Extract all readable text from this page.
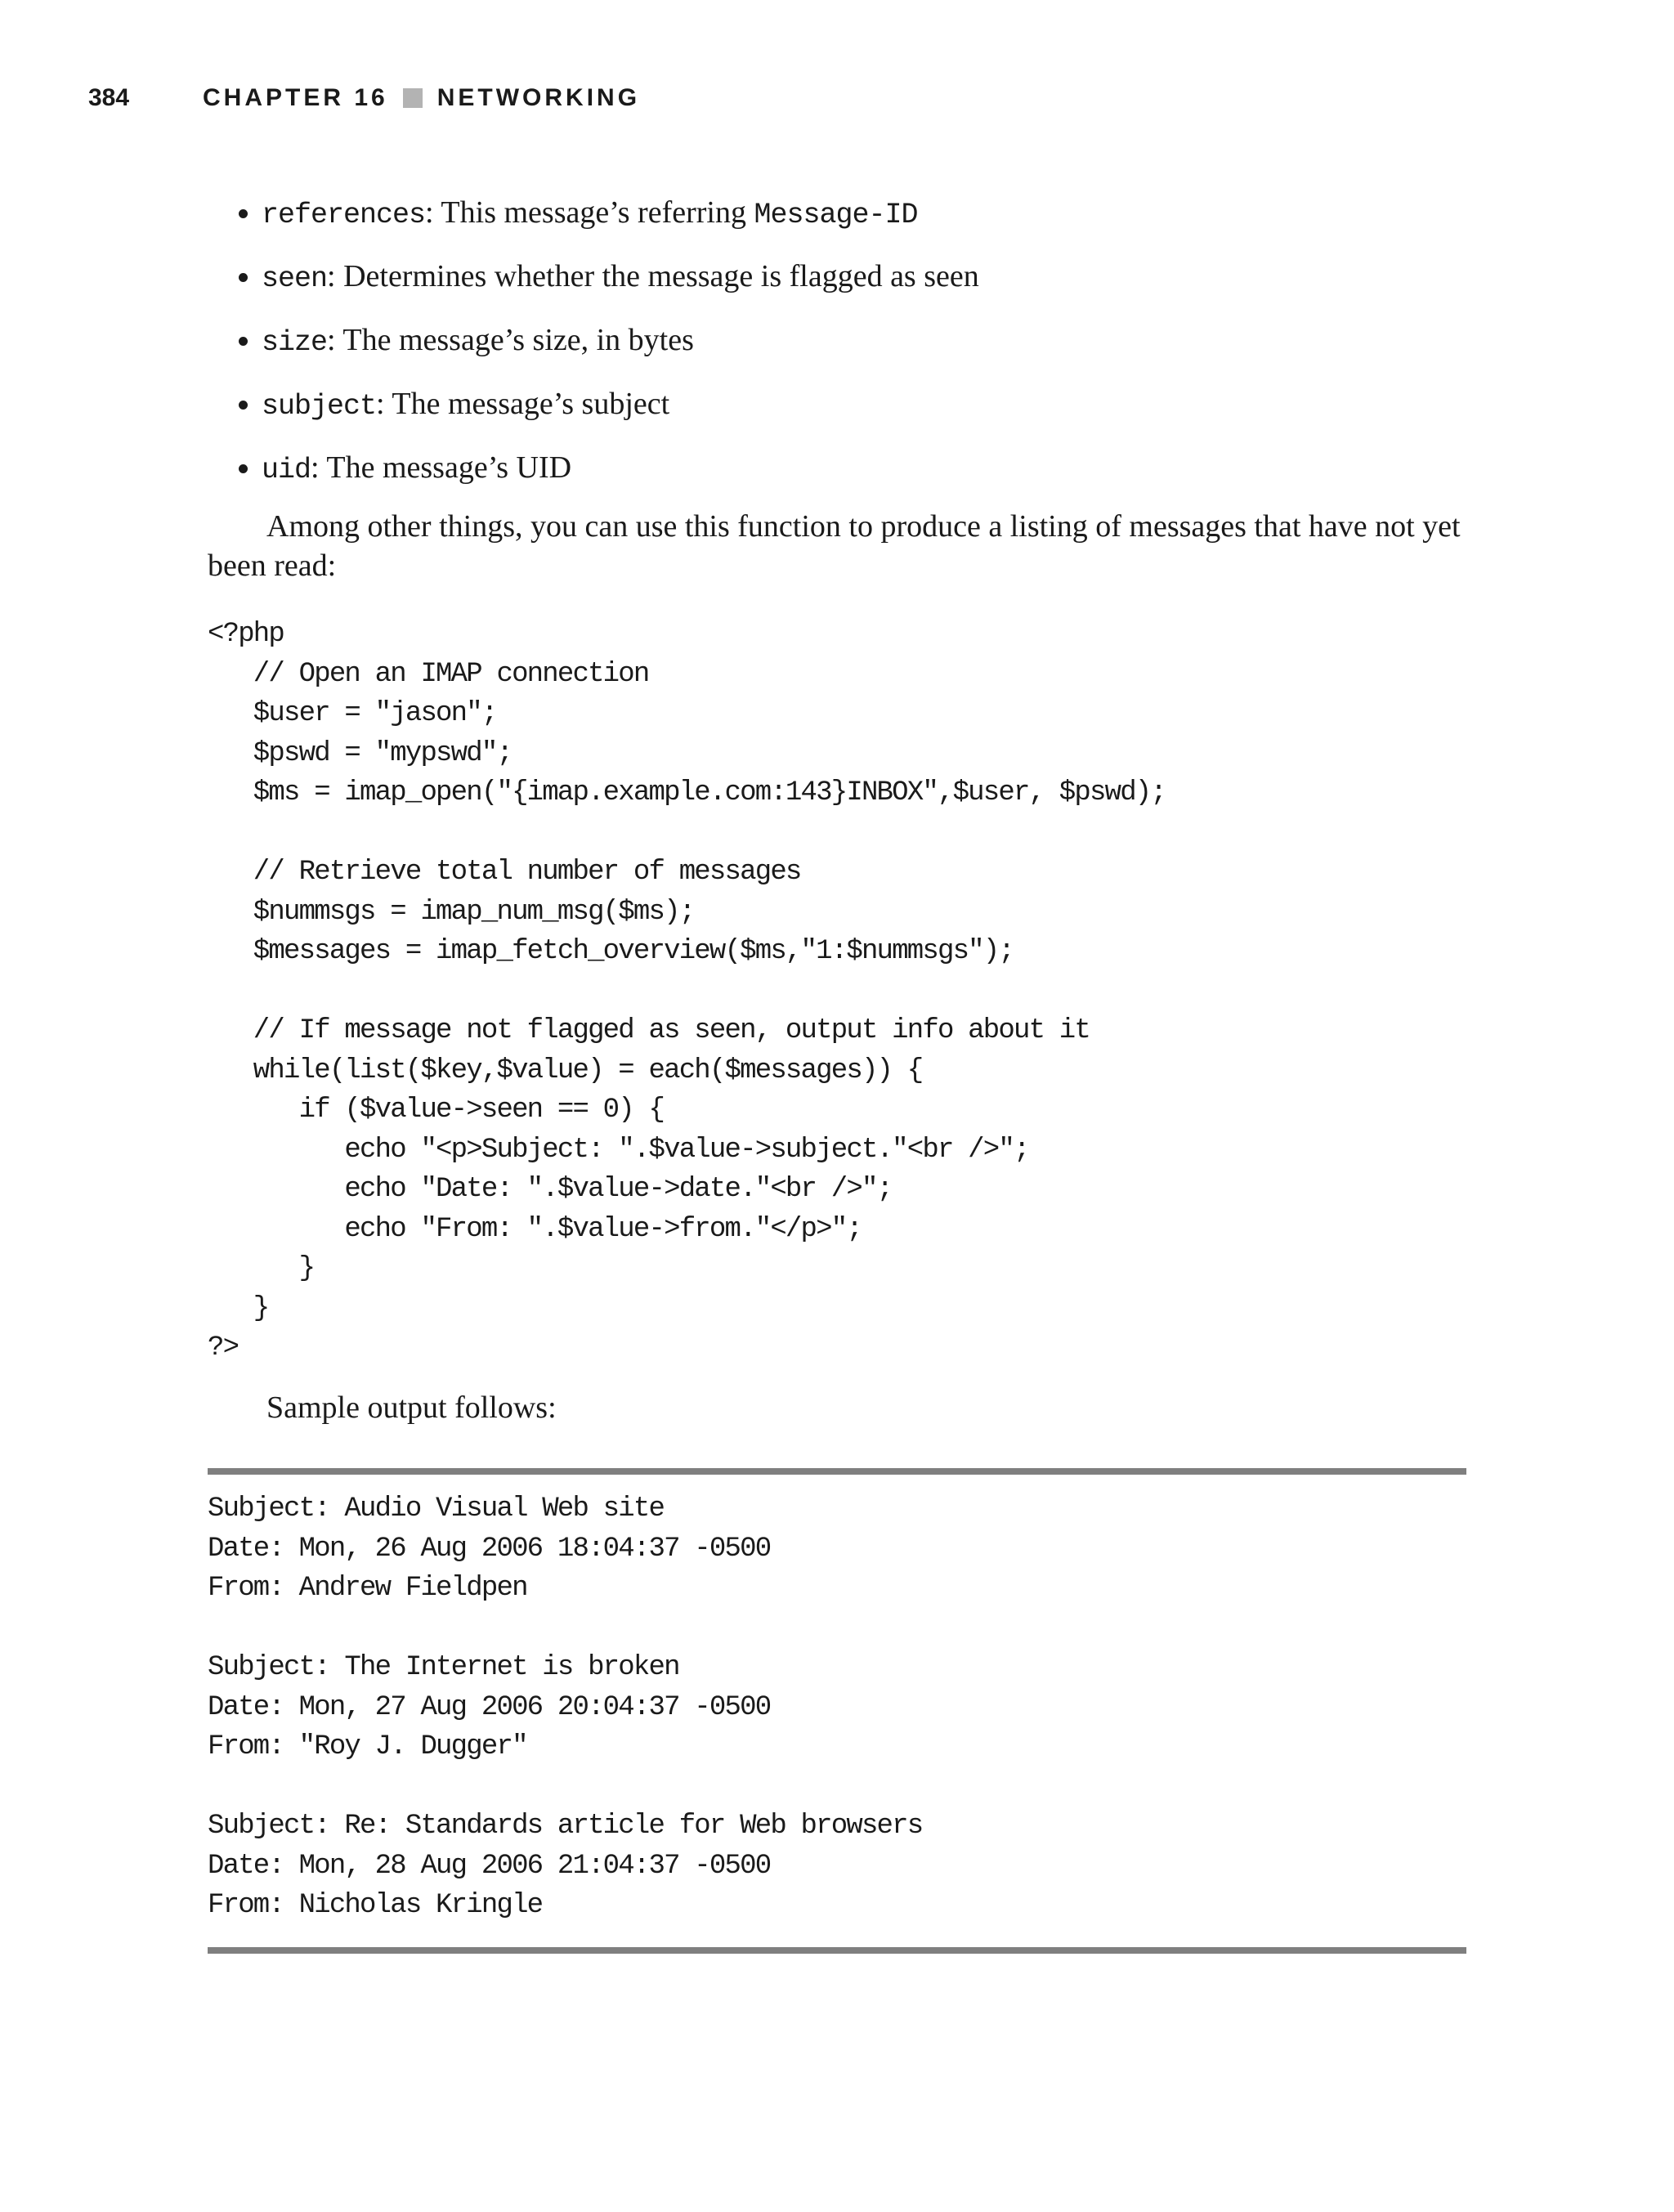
384	CHAPTER 16 NETWORKING
references: This message’s referring Message-ID
seen: Determines whether the message is flagged as seen
size: The message’s size, in bytes
subject: The message’s subject
uid: The message’s UID

Among other things, you can use this function to produce a listing of messages that have not yet been read:

<?php
// Open an IMAP connection
$user = "jason";
$pswd = "mypswd";
$ms = imap_open("{imap.example.com:143}INBOX",$user, $pswd);

// Retrieve total number of messages
$nummsgs = imap_num_msg($ms);
$messages = imap_fetch_overview($ms,"1:$nummsgs");

// If message not flagged as seen, output info about it
while(list($key,$value) = each($messages)) {
if ($value->seen == 0) {
echo "<p>Subject: ".$value->subject."<br />";
echo "Date: ".$value->date."<br />";
echo "From: ".$value->from."</p>";
}
}
?>

Sample output follows:

Subject: Audio Visual Web site
Date: Mon, 26 Aug 2006 18:04:37 -0500
From: Andrew Fieldpen

Subject: The Internet is broken
Date: Mon, 27 Aug 2006 20:04:37 -0500
From: "Roy J. Dugger"

Subject: Re: Standards article for Web browsers
Date: Mon, 28 Aug 2006 21:04:37 -0500
From: Nicholas Kringle
